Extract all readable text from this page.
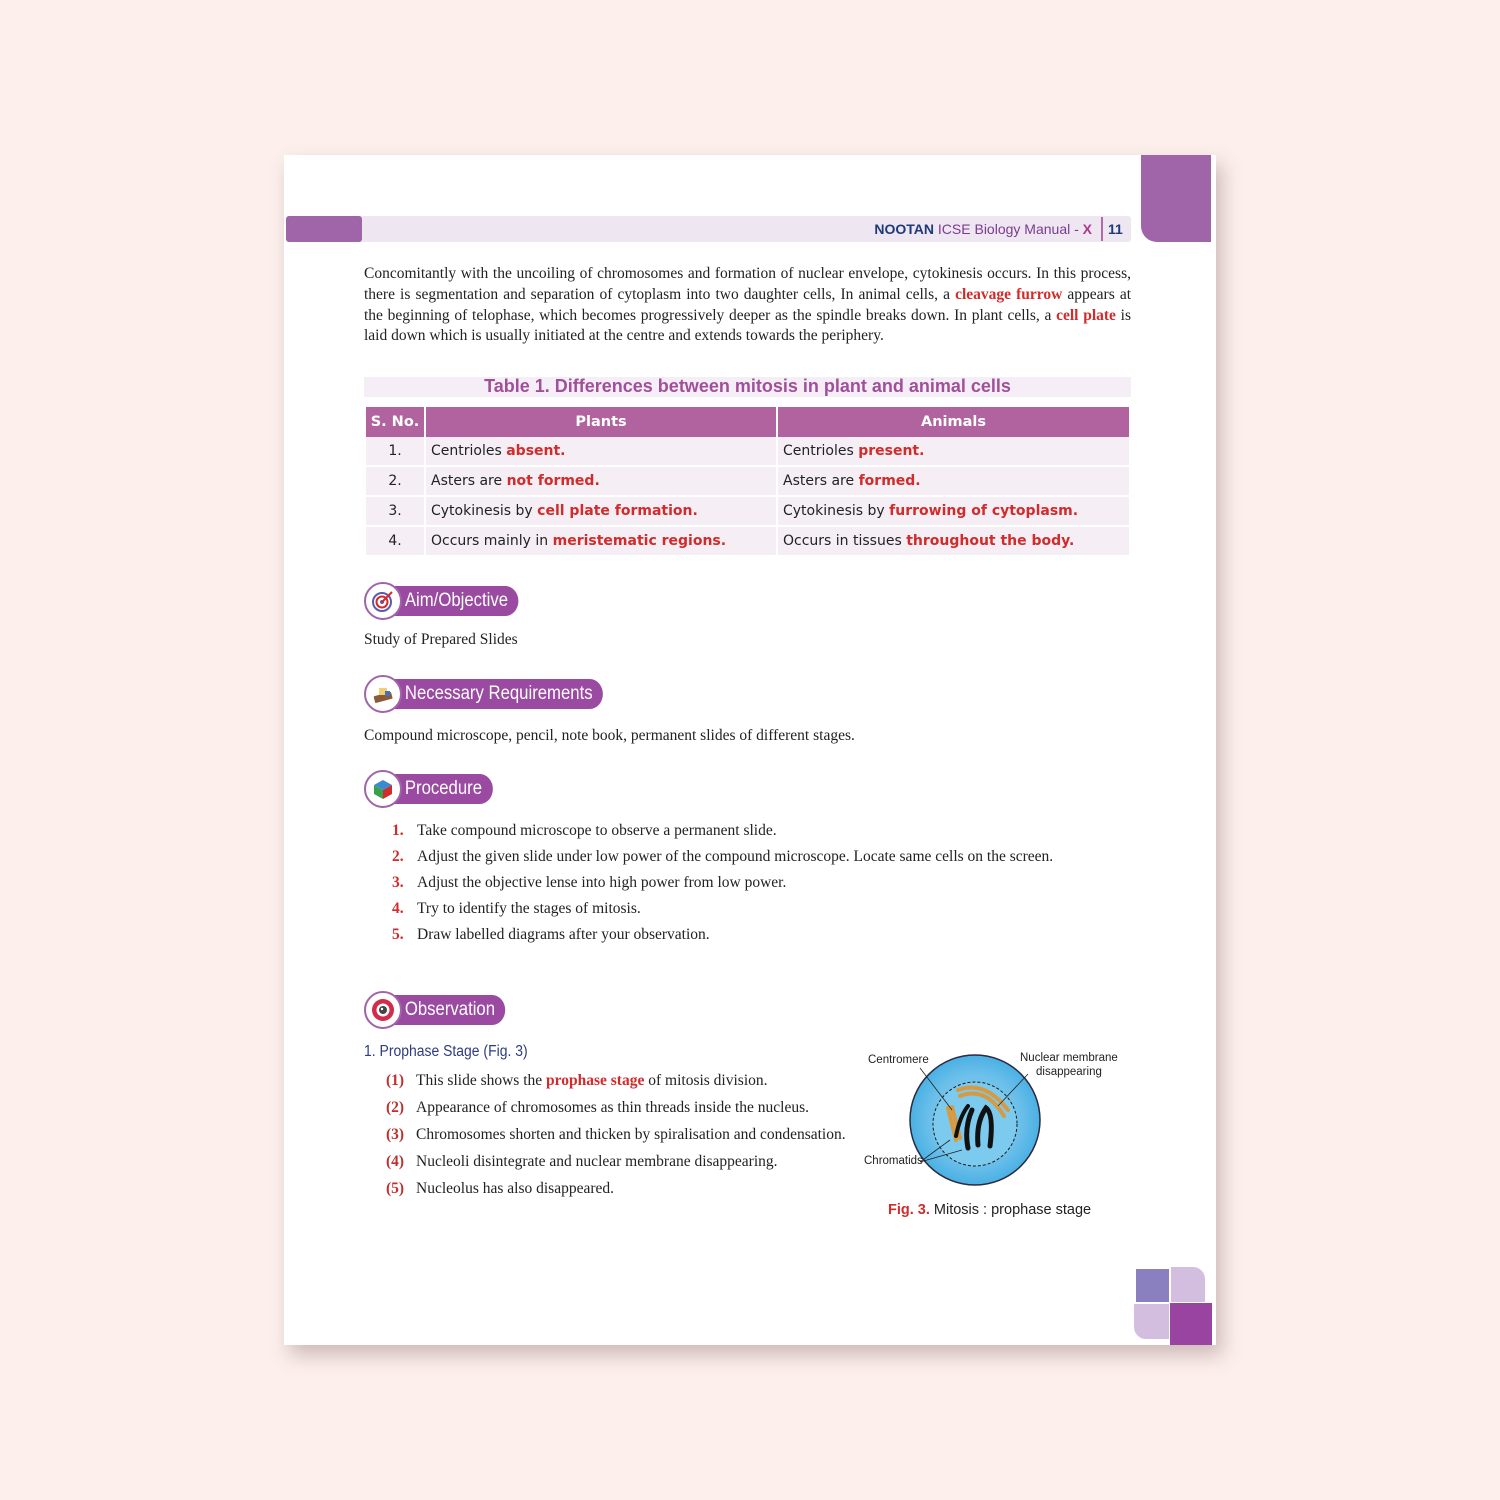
NOOTAN ICSE Biology Manual - X 11
Concomitantly with the uncoiling of chromosomes and formation of nuclear envelope, cytokinesis occurs. In this process, there is segmentation and separation of cytoplasm into two daughter cells, In animal cells, a cleavage furrow appears at the beginning of telophase, which becomes progressively deeper as the spindle breaks down. In plant cells, a cell plate is laid down which is usually initiated at the centre and extends towards the periphery.
Table 1. Differences between mitosis in plant and animal cells
S. No.	Plants	Animals
1.	Centrioles absent.	Centrioles present.
2.	Asters are not formed.	Asters are formed.
3.	Cytokinesis by cell plate formation.	Cytokinesis by furrowing of cytoplasm.
4.	Occurs mainly in meristematic regions.	Occurs in tissues throughout the body.
Aim/Objective
Study of Prepared Slides
Necessary Requirements
Compound microscope, pencil, note book, permanent slides of different stages.
Procedure
1. Take compound microscope to observe a permanent slide.
2. Adjust the given slide under low power of the compound microscope. Locate same cells on the screen.
3. Adjust the objective lense into high power from low power.
4. Try to identify the stages of mitosis.
5. Draw labelled diagrams after your observation.
Observation
1. Prophase Stage (Fig. 3)
(1) This slide shows the prophase stage of mitosis division.
(2) Appearance of chromosomes as thin threads inside the nucleus.
(3) Chromosomes shorten and thicken by spiralisation and condensation.
(4) Nucleoli disintegrate and nuclear membrane disappearing.
(5) Nucleolus has also disappeared.
Centromere	Nuclear membrane
disappearing
Chromatids
Fig. 3. Mitosis : prophase stage
